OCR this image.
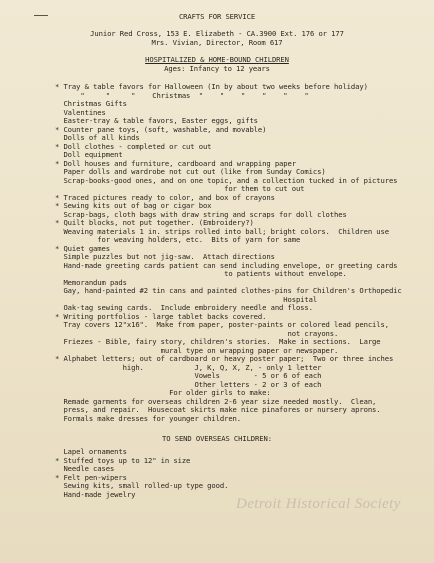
CRAFTS FOR SERVICE
Junior Red Cross, 153 E. Elizabeth - CA.3900 Ext. 176 or 177
Mrs. Vivian, Director, Room 617
HOSPITALIZED & HOME-BOUND CHILDREN
Ages: Infancy to 12 years
* Tray & table favors for Halloween (In by about two weeks before holiday)
"     "     "    Christmas  "    "    "    "    "    "
Christmas Gifts
Valentines
Easter-tray & table favors, Easter eggs, gifts
* Counter pane toys, (soft, washable, and movable)
Dolls of all kinds
* Doll clothes - completed or cut out
Doll equipment
* Doll houses and furniture, cardboard and wrapping paper
Paper dolls and wardrobe not cut out (like from Sunday Comics)
Scrap-books-good ones, and on one topic, and a collection tucked in of pictures
for them to cut out
* Traced pictures ready to color, and box of crayons
* Sewing kits out of bag or cigar box
Scrap-bags, cloth bags with draw string and scraps for doll clothes
* Quilt blocks, not put together. (Embroidery?)
Weaving materials 1 in. strips rolled into ball; bright colors.  Children use
for weaving holders, etc.  Bits of yarn for same
* Quiet games
Simple puzzles but not jig-saw.  Attach directions
Hand-made greeting cards patient can send including envelope, or greeting cards
to patients without envelope.
Memorandum pads
Gay, hand-painted #2 tin cans and painted clothes-pins for Children's Orthopedic
Hospital
Oak-tag sewing cards.  Include embroidery needle and floss.
* Writing portfolios - large tablet backs covered.
Tray covers 12"x16".  Make from paper, poster-paints or colored lead pencils,
not crayons.
Friezes - Bible, fairy story, children's stories.  Make in sections.  Large
mural type on wrapping paper or newspaper.
* Alphabet letters; out of cardboard or heavy poster paper;  Two or three inches
high.            J, K, Q, X, Z, - only 1 letter
Vowels        - 5 or 6 of each
Other letters - 2 or 3 of each
For older girls to make:
Remade garments for overseas children 2-6 year size needed mostly.  Clean,
press, and repair.  Housecoat skirts make nice pinafores or nursery aprons.
Formals make dresses for younger children.
TO SEND OVERSEAS CHILDREN:
Lapel ornaments
* Stuffed toys up to 12" in size
Needle cases
* Felt pen-wipers
Sewing kits, small rolled-up type good.
Hand-made jewelry
Detroit Historical Society
